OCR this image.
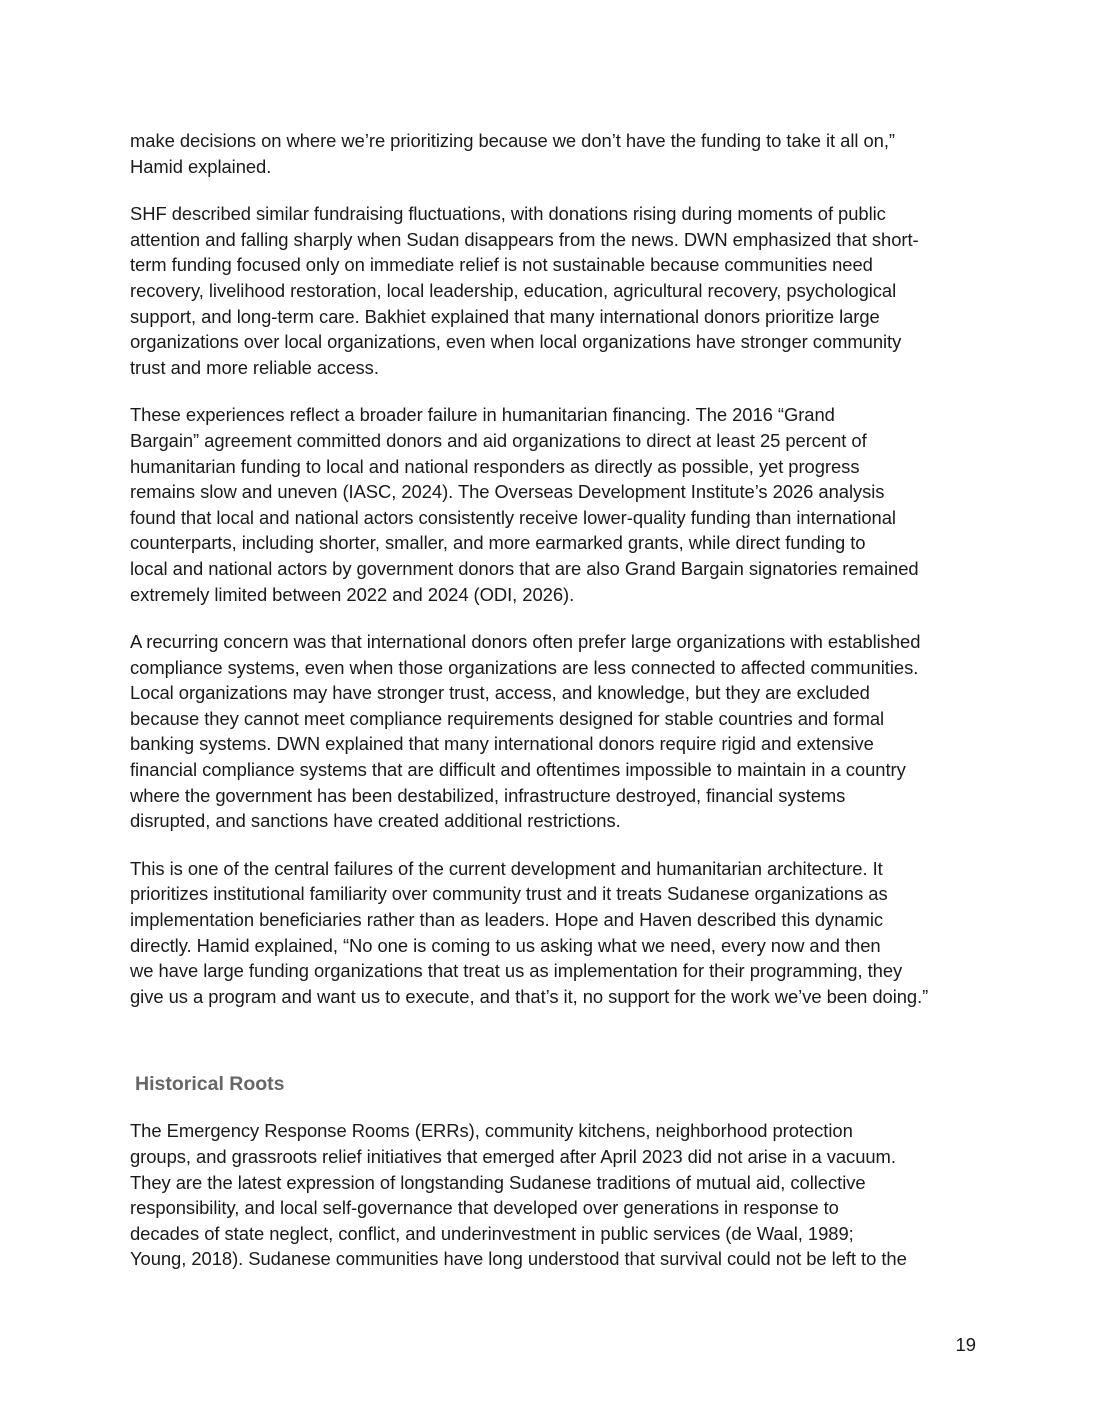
make decisions on where we’re prioritizing because we don’t have the funding to take it all on,”
Hamid explained.

SHF described similar fundraising fluctuations, with donations rising during moments of public
attention and falling sharply when Sudan disappears from the news. DWN emphasized that short-
term funding focused only on immediate relief is not sustainable because communities need
recovery, livelihood restoration, local leadership, education, agricultural recovery, psychological
support, and long-term care. Bakhiet explained that many international donors prioritize large
organizations over local organizations, even when local organizations have stronger community
trust and more reliable access.

These experiences reflect a broader failure in humanitarian financing. The 2016 “Grand
Bargain” agreement committed donors and aid organizations to direct at least 25 percent of
humanitarian funding to local and national responders as directly as possible, yet progress
remains slow and uneven (IASC, 2024). The Overseas Development Institute’s 2026 analysis
found that local and national actors consistently receive lower-quality funding than international
counterparts, including shorter, smaller, and more earmarked grants, while direct funding to
local and national actors by government donors that are also Grand Bargain signatories remained
extremely limited between 2022 and 2024 (ODI, 2026).

A recurring concern was that international donors often prefer large organizations with established
compliance systems, even when those organizations are less connected to affected communities.
Local organizations may have stronger trust, access, and knowledge, but they are excluded
because they cannot meet compliance requirements designed for stable countries and formal
banking systems. DWN explained that many international donors require rigid and extensive
financial compliance systems that are difficult and oftentimes impossible to maintain in a country
where the government has been destabilized, infrastructure destroyed, financial systems
disrupted, and sanctions have created additional restrictions.

This is one of the central failures of the current development and humanitarian architecture. It
prioritizes institutional familiarity over community trust and it treats Sudanese organizations as
implementation beneficiaries rather than as leaders. Hope and Haven described this dynamic
directly. Hamid explained, “No one is coming to us asking what we need, every now and then
we have large funding organizations that treat us as implementation for their programming, they
give us a program and want us to execute, and that’s it, no support for the work we’ve been doing.”

Historical Roots

The Emergency Response Rooms (ERRs), community kitchens, neighborhood protection
groups, and grassroots relief initiatives that emerged after April 2023 did not arise in a vacuum.
They are the latest expression of longstanding Sudanese traditions of mutual aid, collective
responsibility, and local self-governance that developed over generations in response to
decades of state neglect, conflict, and underinvestment in public services (de Waal, 1989;
Young, 2018). Sudanese communities have long understood that survival could not be left to the

19
